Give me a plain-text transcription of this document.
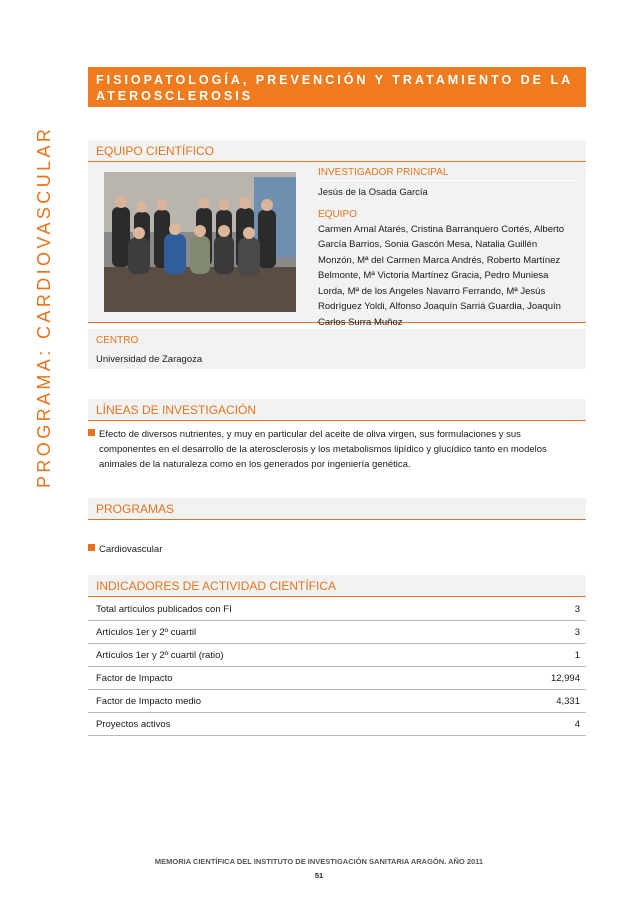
PROGRAMA: CARDIOVASCULAR
FISIOPATOLOGÍA, PREVENCIÓN Y TRATAMIENTO DE LA
ATEROSCLEROSIS
EQUIPO CIENTÍFICO
INVESTIGADOR PRINCIPAL
Jesús de la Osada García
EQUIPO
Carmen Arnal Atarés, Cristina Barranquero Cortés, Alberto
García Barrios, Sonia Gascón Mesa, Natalia Guillén
Monzón, Mª del Carmen Marca Andrés, Roberto Martínez
Belmonte, Mª Victoria Martínez Gracia, Pedro Muniesa
Lorda, Mª de los Angeles Navarro Ferrando, Mª Jesús
Rodríguez Yoldi, Alfonso Joaquín Sarriá Guardia, Joaquín
Carlos Surra Muñoz
CENTRO
Universidad de Zaragoza
LÍNEAS DE INVESTIGACIÓN
Efecto de diversos nutrientes, y muy en particular del aceite de oliva virgen, sus formulaciones y sus
componentes en el desarrollo de la aterosclerosis y los metabolismos lipídico y glucídico tanto en modelos
animales de la naturaleza como en los generados por ingeniería genética.
PROGRAMAS
Cardiovascular
INDICADORES DE ACTIVIDAD CIENTÍFICA
Total artículos publicados con FI	3
Artículos 1er y 2º cuartil	3
Artículos 1er y 2º cuartil (ratio)	1
Factor de Impacto	12,994
Factor de Impacto medio	4,331
Proyectos activos	4
MEMORIA CIENTÍFICA DEL INSTITUTO DE INVESTIGACIÓN SANITARIA ARAGÓN. AÑO 2011
51
